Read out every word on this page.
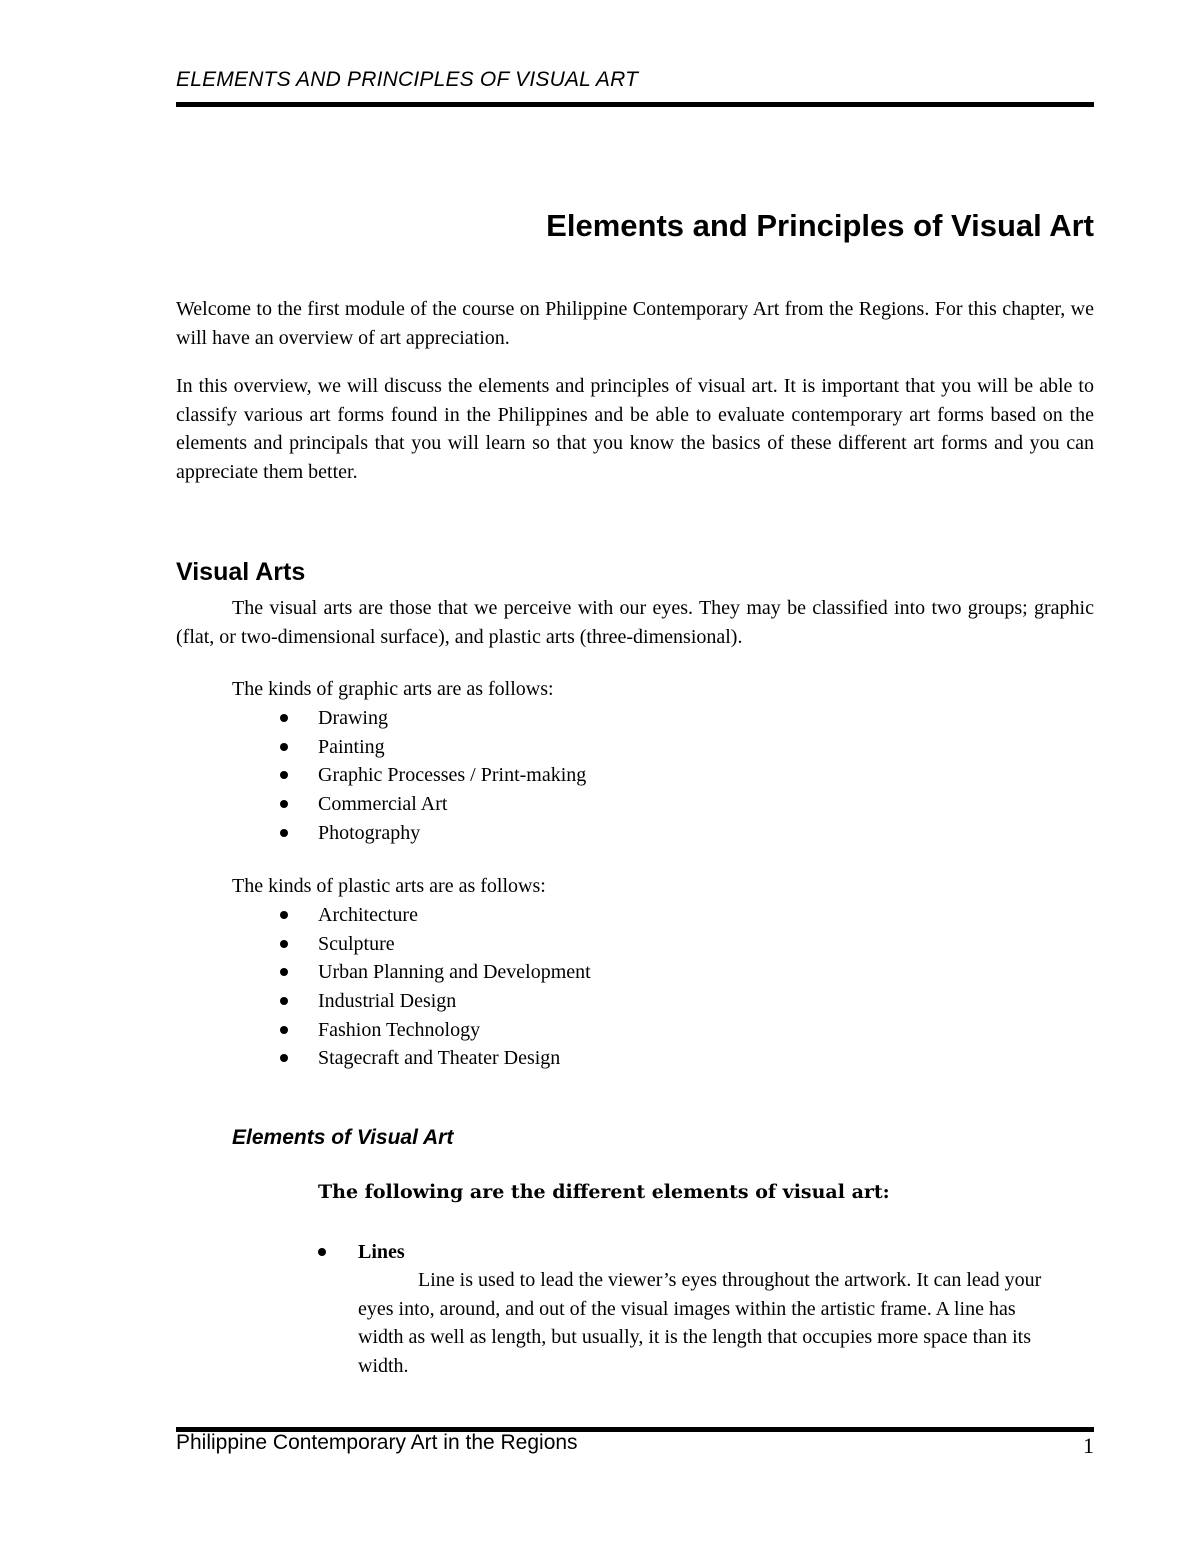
ELEMENTS AND PRINCIPLES OF VISUAL ART
Elements and Principles of Visual Art

Welcome to the first module of the course on Philippine Contemporary Art from the Regions. For this chapter, we will have an overview of art appreciation.

In this overview, we will discuss the elements and principles of visual art. It is important that you will be able to classify various art forms found in the Philippines and be able to evaluate contemporary art forms based on the elements and principals that you will learn so that you know the basics of these different art forms and you can appreciate them better.

Visual Arts

The visual arts are those that we perceive with our eyes. They may be classified into two groups; graphic (flat, or two-dimensional surface), and plastic arts (three-dimensional).

The kinds of graphic arts are as follows:

Drawing
Painting
Graphic Processes / Print-making
Commercial Art
Photography

The kinds of plastic arts are as follows:

Architecture
Sculpture
Urban Planning and Development
Industrial Design
Fashion Technology
Stagecraft and Theater Design
Elements of Visual Art

The following are the different elements of visual art:

Lines

Line is used to lead the viewer’s eyes throughout the artwork. It can lead your eyes into, around, and out of the visual images within the artistic frame. A line has width as well as length, but usually, it is the length that occupies more space than its width.

Philippine Contemporary Art in the Regions	1
